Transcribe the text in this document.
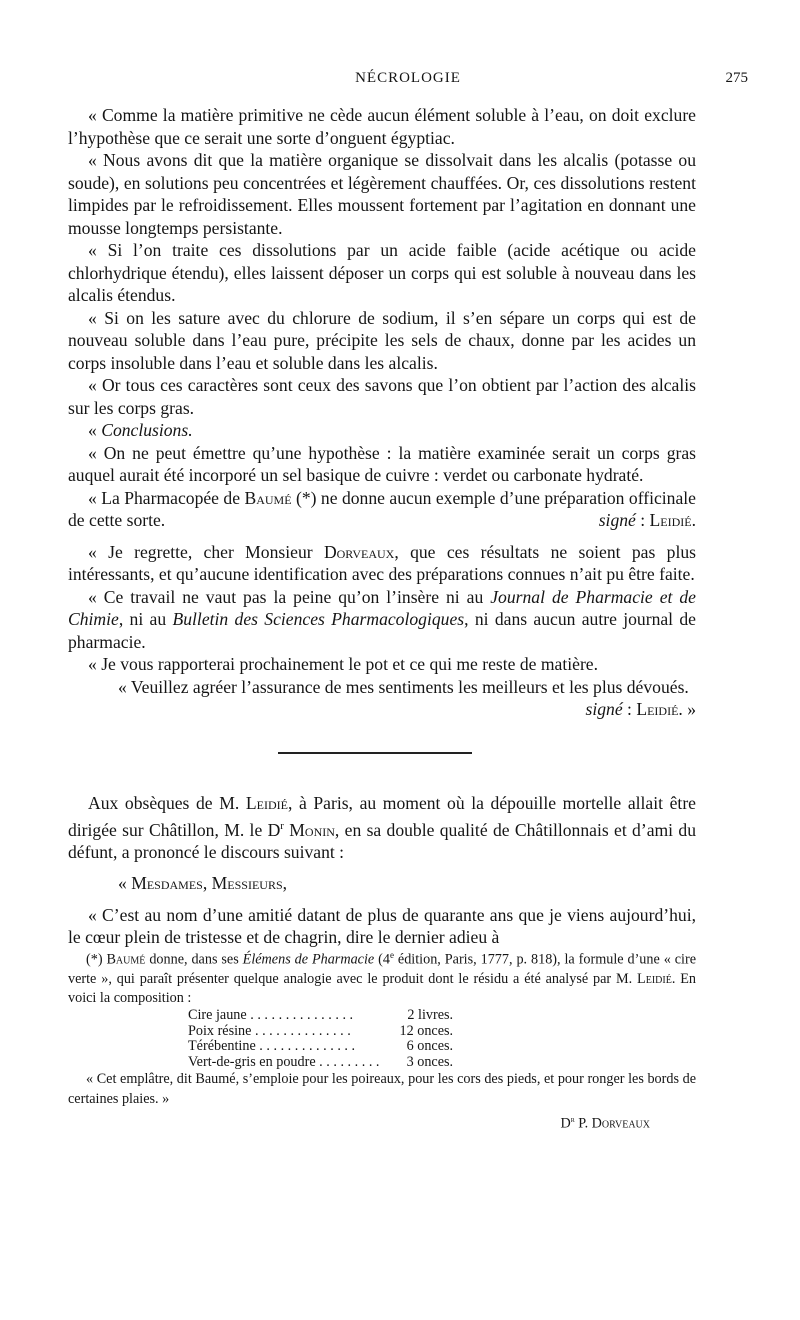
NÉCROLOGIE	275

« Comme la matière primitive ne cède aucun élément soluble à l’eau, on doit exclure l’hypothèse que ce serait une sorte d’onguent égyptiac.

« Nous avons dit que la matière organique se dissolvait dans les alcalis (potasse ou soude), en solutions peu concentrées et légèrement chauffées. Or, ces dissolutions restent limpides par le refroidissement. Elles moussent fortement par l’agitation en donnant une mousse longtemps persistante.

« Si l’on traite ces dissolutions par un acide faible (acide acétique ou acide chlorhydrique étendu), elles laissent déposer un corps qui est soluble à nouveau dans les alcalis étendus.

« Si on les sature avec du chlorure de sodium, il s’en sépare un corps qui est de nouveau soluble dans l’eau pure, précipite les sels de chaux, donne par les acides un corps insoluble dans l’eau et soluble dans les alcalis.

« Or tous ces caractères sont ceux des savons que l’on obtient par l’action des alcalis sur les corps gras.

« Conclusions.

« On ne peut émettre qu’une hypothèse : la matière examinée serait un corps gras auquel aurait été incorporé un sel basique de cuivre : verdet ou carbonate hydraté.

« La Pharmacopée de Baumé (*) ne donne aucun exemple d’une préparation officinale de cette sorte.	signé : Leidié.

« Je regrette, cher Monsieur Dorveaux, que ces résultats ne soient pas plus intéressants, et qu’aucune identification avec des préparations connues n’ait pu être faite.

« Ce travail ne vaut pas la peine qu’on l’insère ni au Journal de Pharmacie et de Chimie, ni au Bulletin des Sciences Pharmacologiques, ni dans aucun autre journal de pharmacie.

« Je vous rapporterai prochainement le pot et ce qui me reste de matière.

« Veuillez agréer l’assurance de mes sentiments les meilleurs et les plus dévoués.
signé : Leidié. »

Aux obsèques de M. Leidié, à Paris, au moment où la dépouille mortelle allait être dirigée sur Châtillon, M. le $D^r$ Monin, en sa double qualité de Châtillonnais et d’ami du défunt, a prononcé le discours suivant :

« Mesdames, Messieurs,

« C’est au nom d’une amitié datant de plus de quarante ans que je viens aujourd’hui, le cœur plein de tristesse et de chagrin, dire le dernier adieu à

(*) Baumé donne, dans ses Élémens de Pharmacie (4e édition, Paris, 1777, p. 818), la formule d’une « cire verte », qui paraît présenter quelque analogie avec le produit dont le résidu a été analysé par M. Leidié. En voici la composition :

Cire jaune . . . . . . . . . . . . . . .	2 livres.
Poix résine . . . . . . . . . . . . . .	12 onces.
Térébentine . . . . . . . . . . . . . .	6 onces.
Vert-de-gris en poudre . . . . . . . . .	3 onces.

« Cet emplâtre, dit Baumé, s’emploie pour les poireaux, pour les cors des pieds, et pour ronger les bords de certaines plaies. »

$D^r$ P. Dorveaux
